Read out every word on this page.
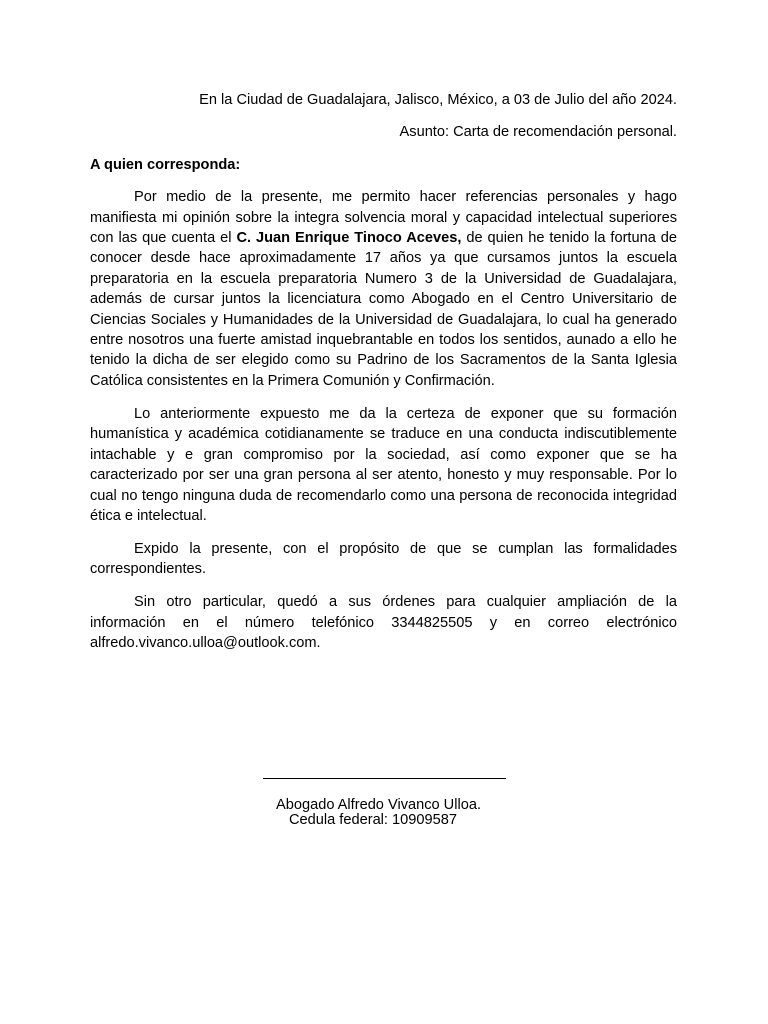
En la Ciudad de Guadalajara, Jalisco, México, a 03 de Julio del año 2024.

Asunto: Carta de recomendación personal.

A quien corresponda:

Por medio de la presente, me permito hacer referencias personales y hago manifiesta mi opinión sobre la integra solvencia moral y capacidad intelectual superiores con las que cuenta el C. Juan Enrique Tinoco Aceves, de quien he tenido la fortuna de conocer desde hace aproximadamente 17 años ya que cursamos juntos la escuela preparatoria en la escuela preparatoria Numero 3 de la Universidad de Guadalajara, además de cursar juntos la licenciatura como Abogado en el Centro Universitario de Ciencias Sociales y Humanidades de la Universidad de Guadalajara, lo cual ha generado entre nosotros una fuerte amistad inquebrantable en todos los sentidos, aunado a ello he tenido la dicha de ser elegido como su Padrino de los Sacramentos de la Santa Iglesia Católica consistentes en la Primera Comunión y Confirmación.

Lo anteriormente expuesto me da la certeza de exponer que su formación humanística y académica cotidianamente se traduce en una conducta indiscutiblemente intachable y e gran compromiso por la sociedad, así como exponer que se ha caracterizado por ser una gran persona al ser atento, honesto y muy responsable. Por lo cual no tengo ninguna duda de recomendarlo como una persona de reconocida integridad ética e intelectual.

Expido la presente, con el propósito de que se cumplan las formalidades correspondientes.

Sin otro particular, quedó a sus órdenes para cualquier ampliación de la información en el número telefónico 3344825505 y en correo electrónico alfredo.vivanco.ulloa@outlook.com.

Abogado Alfredo Vivanco Ulloa.
Cedula federal: 10909587
